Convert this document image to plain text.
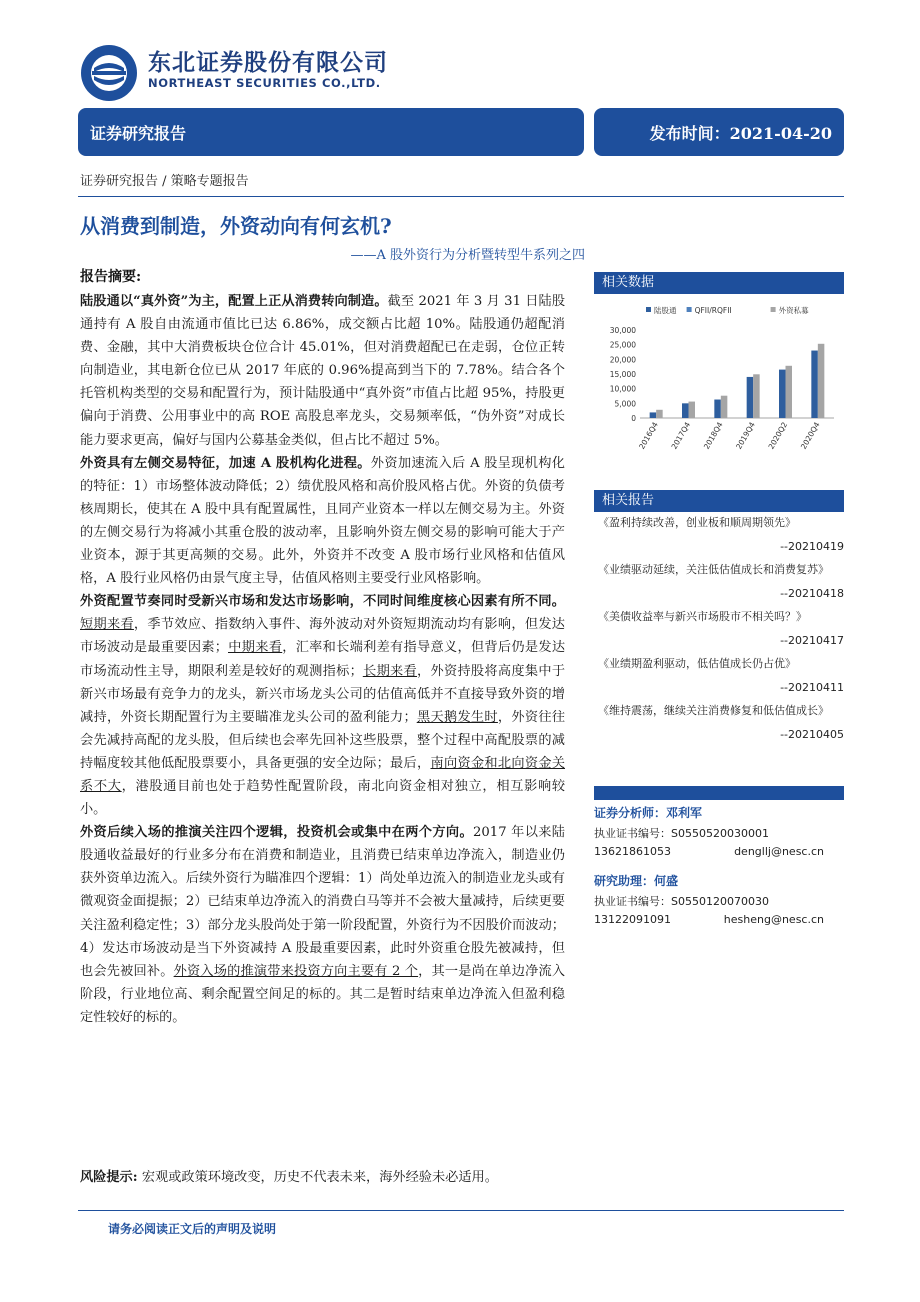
东北证券股份有限公司
NORTHEAST SECURITIES CO.,LTD.
证券研究报告	发布时间：2021-04-20
证券研究报告 / 策略专题报告
从消费到制造，外资动向有何玄机?
——A 股外资行为分析暨转型牛系列之四
报告摘要:

陆股通以“真外资”为主，配置上正从消费转向制造。截至 2021 年 3 月 31 日陆股通持有 A 股自由流通市值比已达 6.86%，成交额占比超 10%。陆股通仍超配消费、金融，其中大消费板块仓位合计 45.01%，但对消费超配已在走弱，仓位正转向制造业，其电新仓位已从 2017 年底的 0.96%提高到当下的 7.78%。结合各个托管机构类型的交易和配置行为，预计陆股通中“真外资”市值占比超 95%，持股更偏向于消费、公用事业中的高 ROE 高股息率龙头，交易频率低，“伪外资”对成长能力要求更高，偏好与国内公募基金类似，但占比不超过 5%。

外资具有左侧交易特征，加速 A 股机构化进程。外资加速流入后 A 股呈现机构化的特征：1）市场整体波动降低；2）绩优股风格和高价股风格占优。外资的负债考核周期长，使其在 A 股中具有配置属性，且同产业资本一样以左侧交易为主。外资的左侧交易行为将减小其重仓股的波动率，且影响外资左侧交易的影响可能大于产业资本，源于其更高频的交易。此外，外资并不改变 A 股市场行业风格和估值风格，A 股行业风格仍由景气度主导，估值风格则主要受行业风格影响。

外资配置节奏同时受新兴市场和发达市场影响，不同时间维度核心因素有所不同。短期来看，季节效应、指数纳入事件、海外波动对外资短期流动均有影响，但发达市场波动是最重要因素；中期来看，汇率和长端利差有指导意义，但背后仍是发达市场流动性主导，期限利差是较好的观测指标；长期来看，外资持股将高度集中于新兴市场最有竞争力的龙头，新兴市场龙头公司的估值高低并不直接导致外资的增减持，外资长期配置行为主要瞄准龙头公司的盈利能力；黑天鹅发生时，外资往往会先减持高配的龙头股，但后续也会率先回补这些股票，整个过程中高配股票的减持幅度较其他低配股票要小，具备更强的安全边际；最后，南向资金和北向资金关系不大，港股通目前也处于趋势性配置阶段，南北向资金相对独立，相互影响较小。

外资后续入场的推演关注四个逻辑，投资机会或集中在两个方向。2017 年以来陆股通收益最好的行业多分布在消费和制造业，且消费已结束单边净流入，制造业仍获外资单边流入。后续外资行为瞄准四个逻辑：1）尚处单边流入的制造业龙头或有微观资金面提振；2）已结束单边净流入的消费白马等并不会被大量减持，后续更要关注盈利稳定性；3）部分龙头股尚处于第一阶段配置，外资行为不因股价而波动；4）发达市场波动是当下外资减持 A 股最重要因素，此时外资重仓股先被减持，但也会先被回补。外资入场的推演带来投资方向主要有 2 个，其一是尚在单边净流入阶段，行业地位高、剩余配置空间足的标的。其二是暂时结束单边净流入但盈利稳定性较好的标的。

风险提示: 宏观或政策环境改变，历史不代表未来，海外经验未必适用。
请务必阅读正文后的声明及说明
相关数据
陆股通 QFII/RQFII	外资私募
0
5,000
10,000
15,000
20,000
25,000
30,000
2016Q4 2017Q4 2018Q4 2019Q4 2020Q2 2020Q4
相关报告
《盈利持续改善，创业板和顺周期领先》
--20210419
《业绩驱动延续，关注低估值成长和消费复苏》
--20210418
《美债收益率与新兴市场股市不相关吗？》
--20210417
《业绩期盈利驱动，低估值成长仍占优》
--20210411
《维持震荡，继续关注消费修复和低估值成长》
--20210405
证券分析师：邓利军
执业证书编号：S0550520030001
13621861053	dengllj@nesc.cn
研究助理：何盛
执业证书编号：S0550120070030
13122091091	hesheng@nesc.cn
